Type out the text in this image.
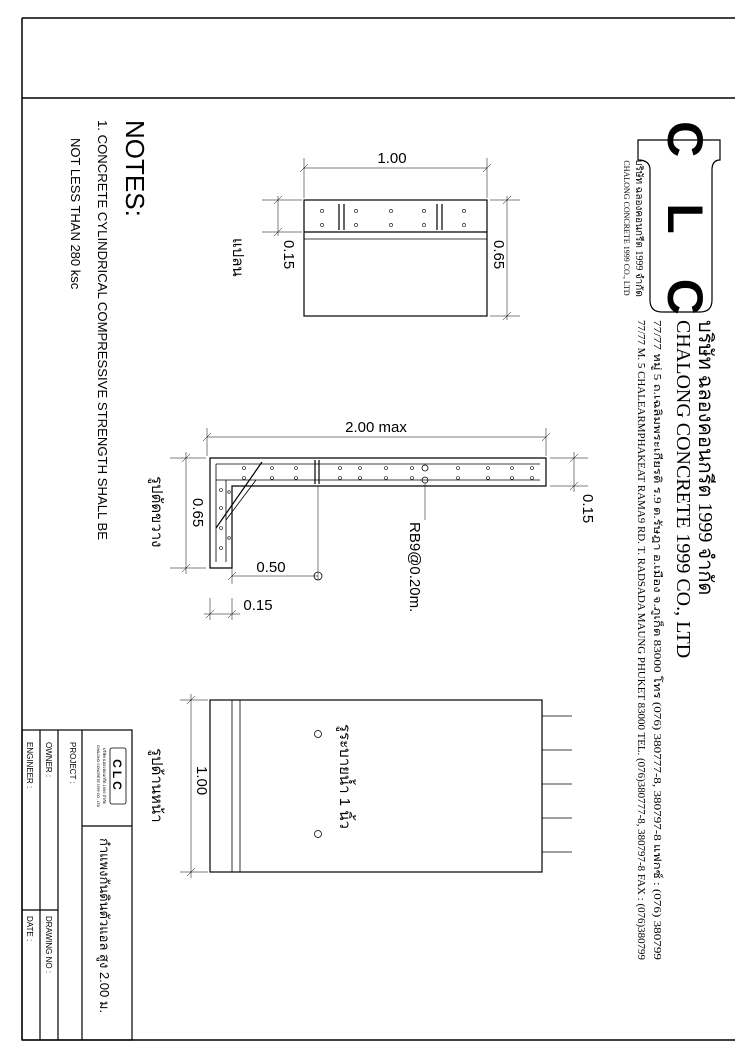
C L C
บริษัท ฉลองคอนกรีต 1999 จำกัด
CHALONG CONCRETE 1999 CO., LTD
บริษัท ฉลองคอนกรีต 1999 จำกัด
CHALONG CONCRETE 1999 CO., LTD
77/77 หมู่ 5 ถ.เฉลิมพระเกียรติ ร.9 ต.รัษฎา อ.เมือง จ.ภูเก็ต 83000 โทร (076) 380777-8, 380797-8 แฟกซ์ : (076) 380799
77/77 M. 5 CHALEARMPHAKEAT RAMA9 RD. T. RADSADA MAUNG PHUKET 83000 TEL. (076)380777-8, 380797-8 FAX : (076)380799
NOTES:
1. CONCRETE CYLINDRICAL COMPRESSIVE STRENGTH SHALL BE
NOT LESS THAN 280 ksc	1.00
0.65
0.15
แปลน
RB9@0.20m.
2.00 max
0.15
0.65
รูปตัดขวาง
0.50
0.15
รูระบายน้ำ 1 นิ้ว
1.00
รูปด้านหน้า
CLC
บริษัท ฉลองคอนกรีต 1999 จำกัด
CHALONG CONCRETE 1999 CO., LTD
กำแพงกันดินตัวแอล สูง 2.00 ม.
PROJECT :
OWNER :
ENGINEER :
DRAWING NO :
DATE :
